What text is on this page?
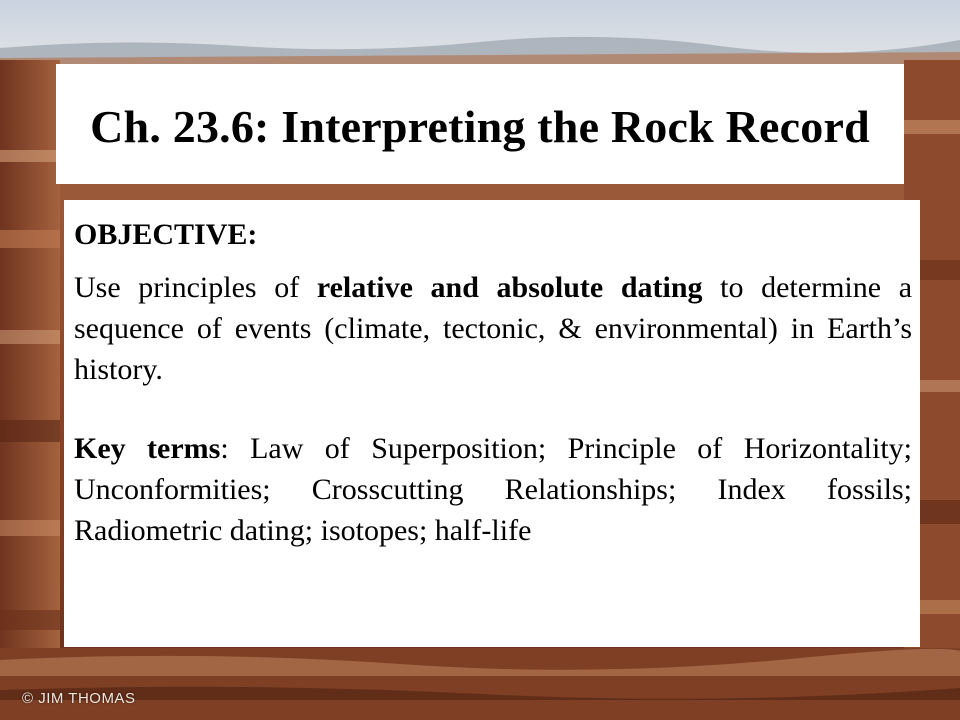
Ch. 23.6: Interpreting the Rock Record

OBJECTIVE:

Use principles of relative and absolute dating to determine a sequence of events (climate, tectonic, & environmental) in Earth’s history.

Key terms: Law of Superposition; Principle of Horizontality; Unconformities; Crosscutting Relationships; Index fossils; Radiometric dating; isotopes; half-life

© JIM THOMAS
